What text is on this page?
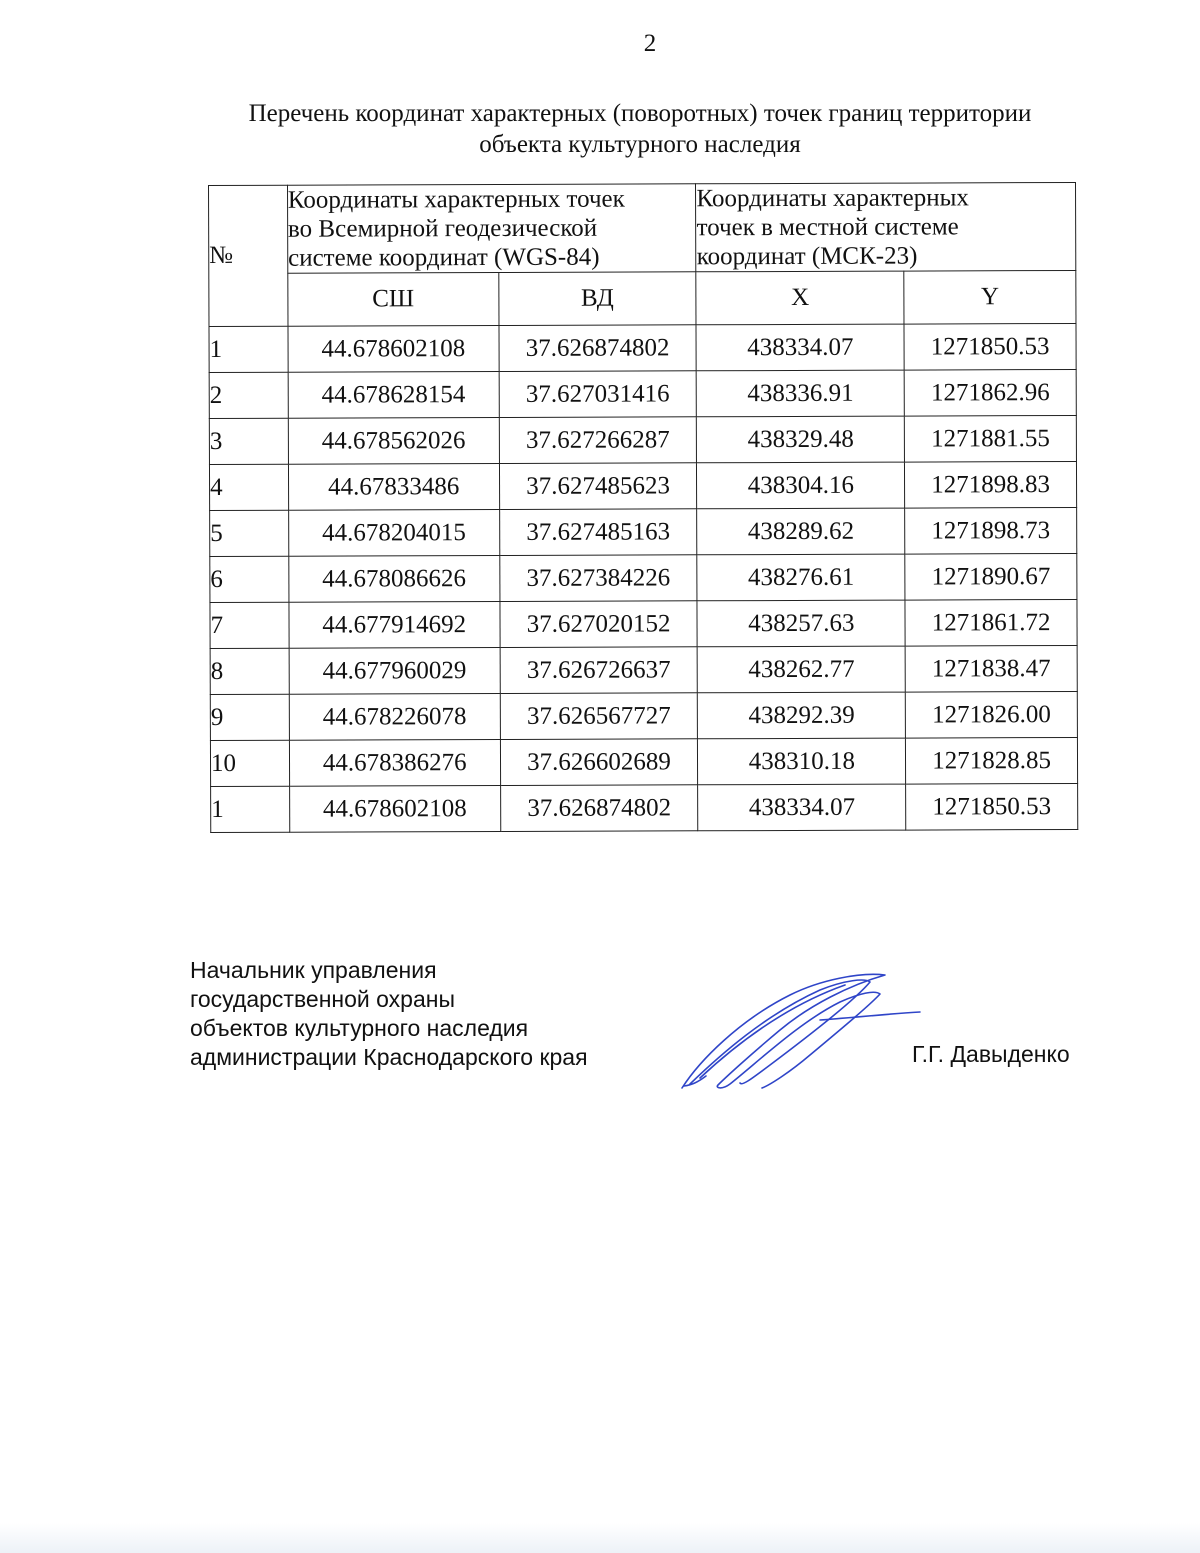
2
Перечень координат характерных (поворотных) точек границ территории
объекта культурного наследия
№	Координаты характерных точек
во Всемирной геодезической
системе координат (WGS-84)		Координаты характерных
точек в местной системе
координат (МСК-23)	

	СШ	ВД	X	Y
1	44.678602108	37.626874802	438334.07	1271850.53
2	44.678628154	37.627031416	438336.91	1271862.96
3	44.678562026	37.627266287	438329.48	1271881.55
4	44.67833486	37.627485623	438304.16	1271898.83
5	44.678204015	37.627485163	438289.62	1271898.73
6	44.678086626	37.627384226	438276.61	1271890.67
7	44.677914692	37.627020152	438257.63	1271861.72
8	44.677960029	37.626726637	438262.77	1271838.47
9	44.678226078	37.626567727	438292.39	1271826.00
10	44.678386276	37.626602689	438310.18	1271828.85
1	44.678602108	37.626874802	438334.07	1271850.53
Начальник управления
государственной охраны
объектов культурного наследия
администрации Краснодарского края	Г.Г. Давыденко
